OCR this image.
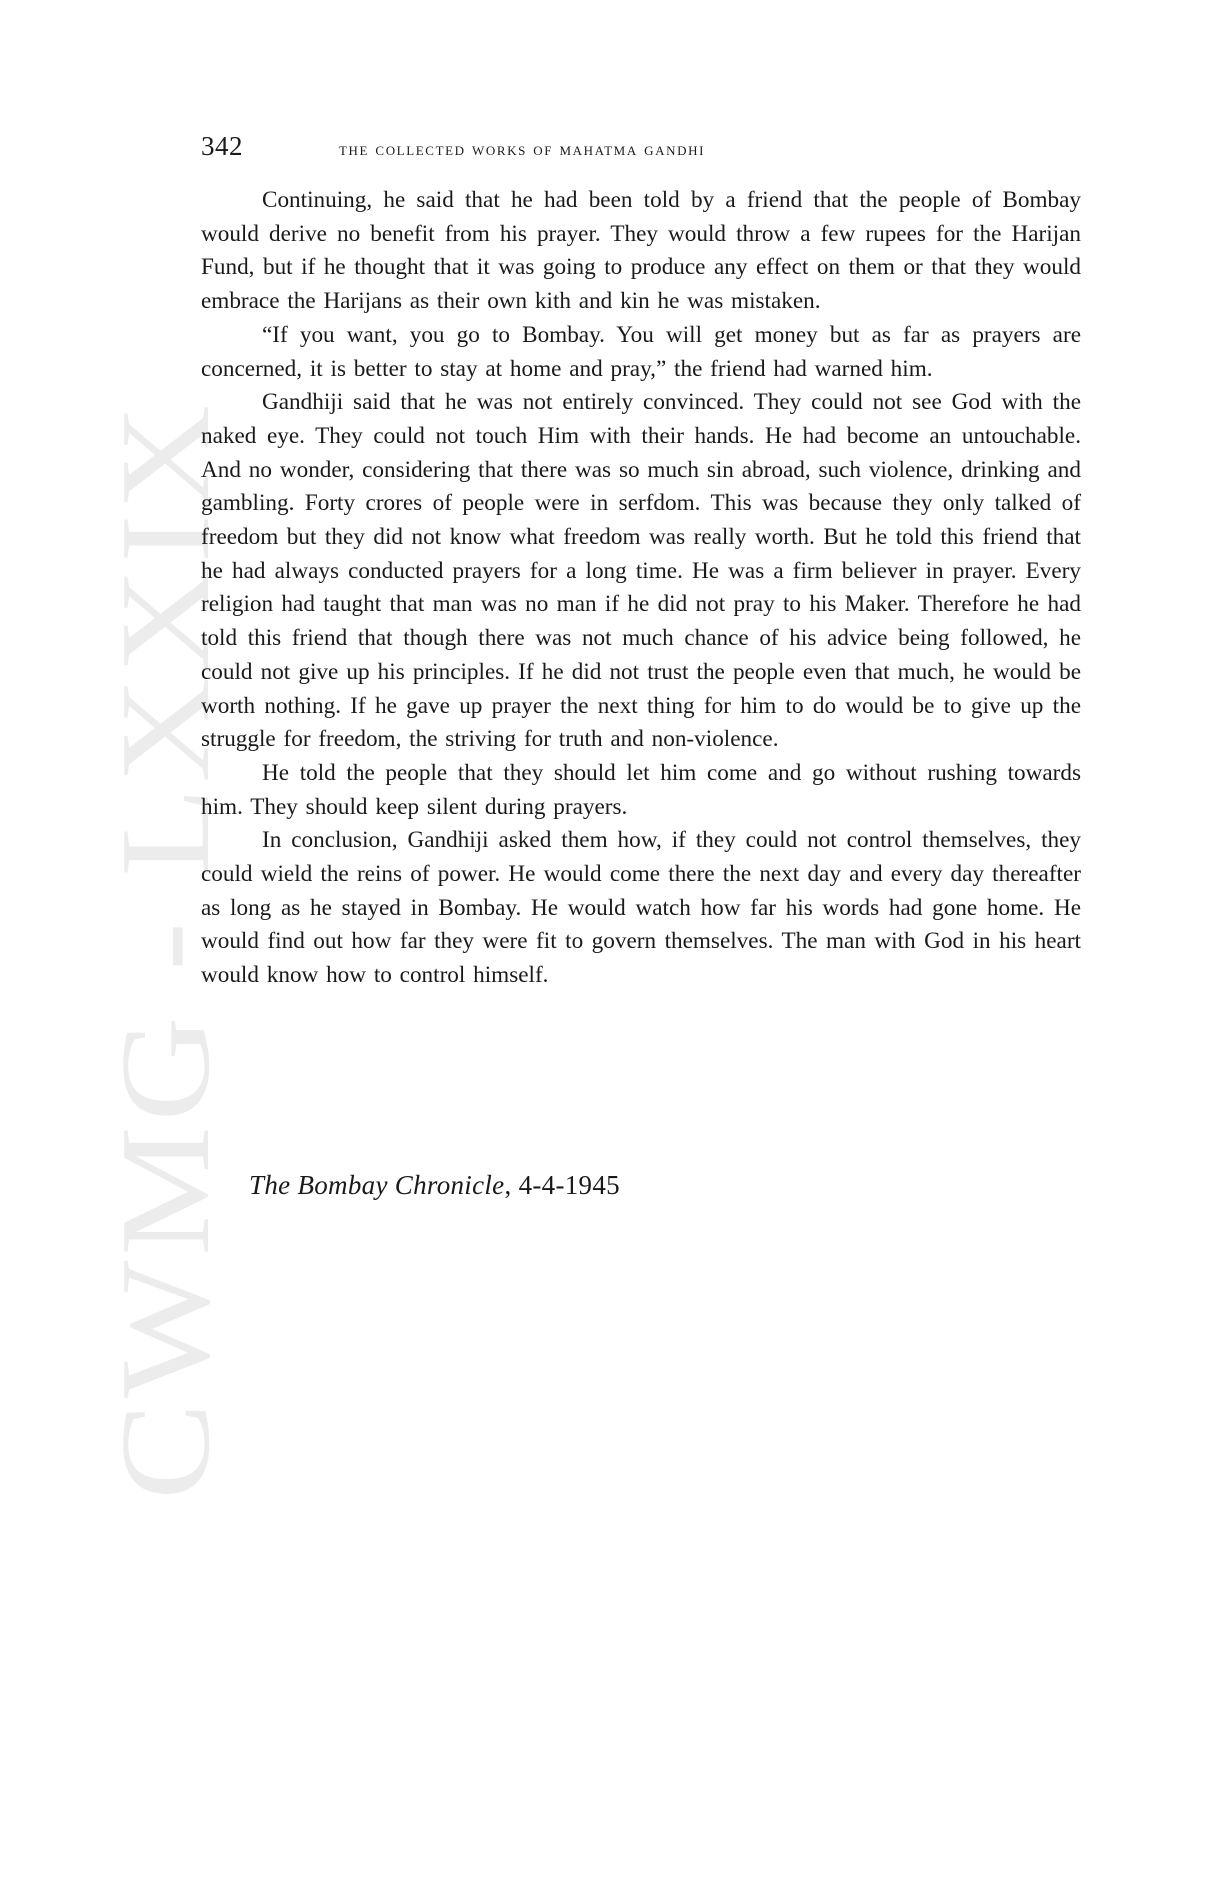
CWMG - LXXIX
342	the collected works of mahatma gandhi

Continuing, he said that he had been told by a friend that the people of Bombay would derive no benefit from his prayer. They would throw a few rupees for the Harijan Fund, but if he thought that it was going to produce any effect on them or that they would embrace the Harijans as their own kith and kin he was mistaken.

“If you want, you go to Bombay. You will get money but as far as prayers are concerned, it is better to stay at home and pray,” the friend had warned him.

Gandhiji said that he was not entirely convinced. They could not see God with the naked eye. They could not touch Him with their hands. He had become an untouchable. And no wonder, considering that there was so much sin abroad, such violence, drinking and gambling. Forty crores of people were in serfdom. This was because they only talked of freedom but they did not know what freedom was really worth. But he told this friend that he had always conducted prayers for a long time. He was a firm believer in prayer. Every religion had taught that man was no man if he did not pray to his Maker. Therefore he had told this friend that though there was not much chance of his advice being followed, he could not give up his principles. If he did not trust the people even that much, he would be worth nothing. If he gave up prayer the next thing for him to do would be to give up the struggle for freedom, the striving for truth and non-violence.

He told the people that they should let him come and go without rushing towards him. They should keep silent during prayers.

In conclusion, Gandhiji asked them how, if they could not control themselves, they could wield the reins of power. He would come there the next day and every day thereafter as long as he stayed in Bombay. He would watch how far his words had gone home. He would find out how far they were fit to govern themselves. The man with God in his heart would know how to control himself.

The Bombay Chronicle, 4-4-1945
